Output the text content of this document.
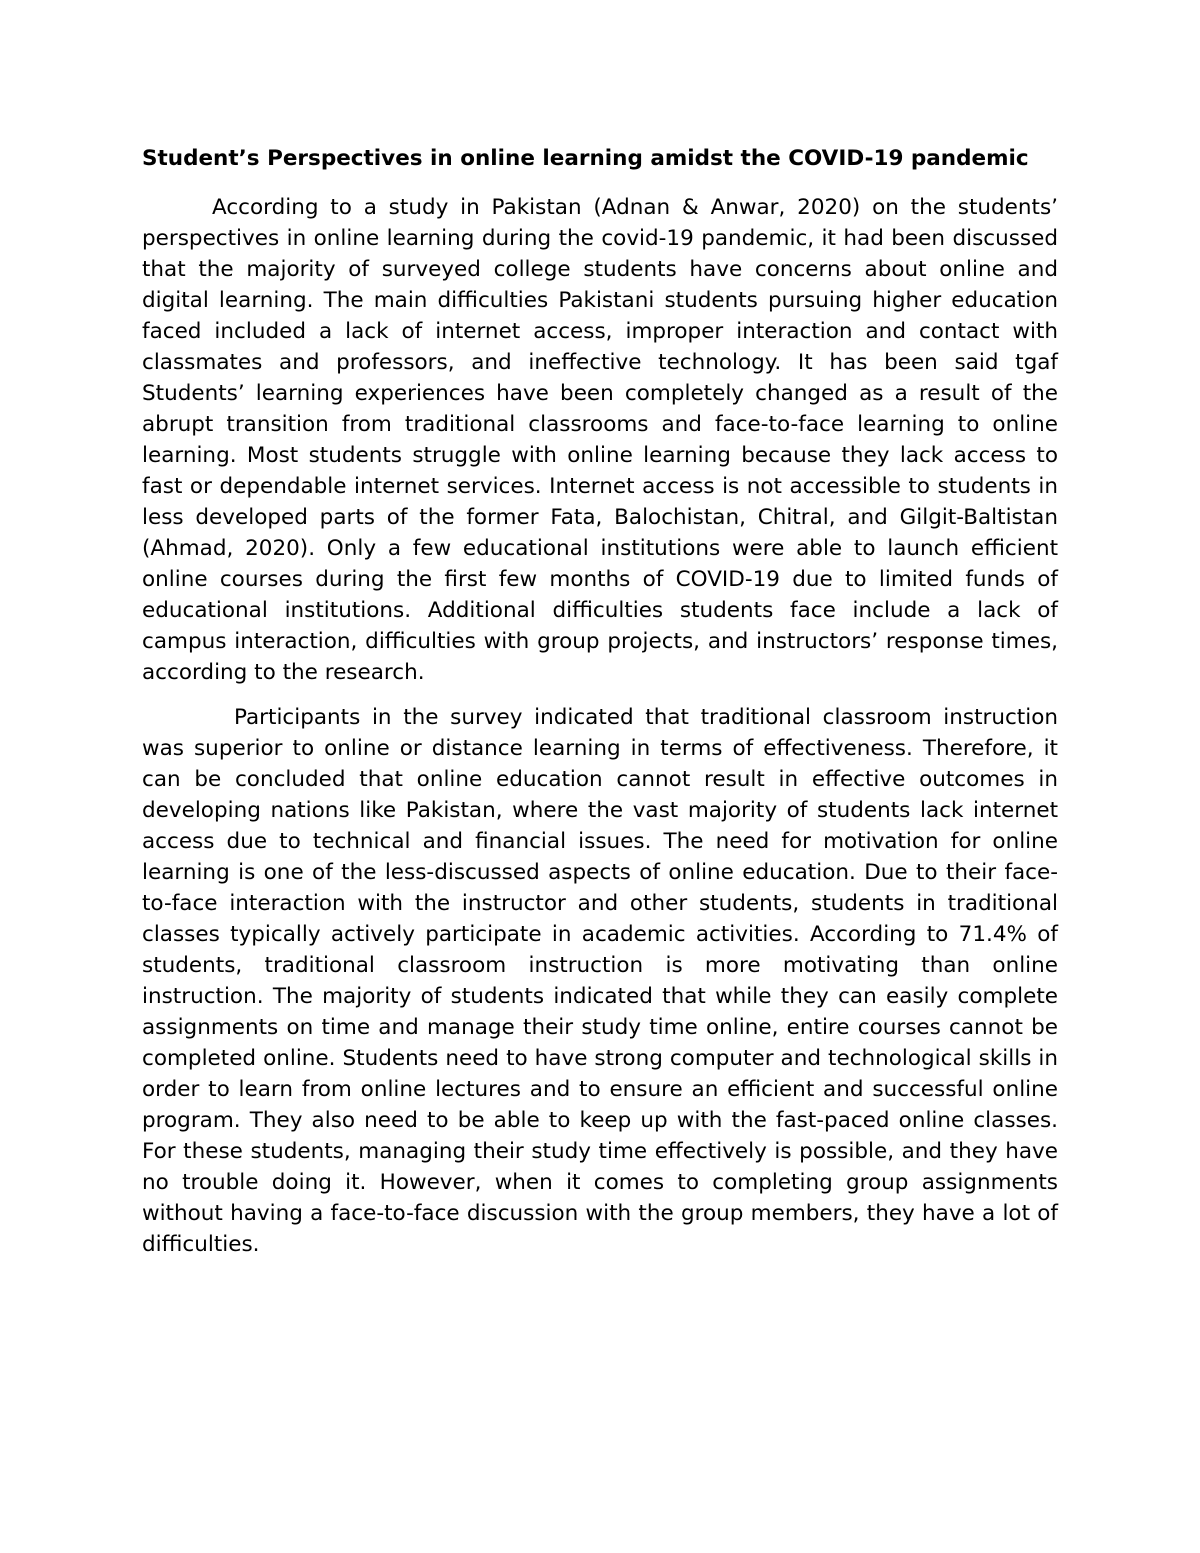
Student’s Perspectives in online learning amidst the COVID-19 pandemic

According to a study in Pakistan (Adnan & Anwar, 2020) on the students’ perspectives in online learning during the covid-19 pandemic, it had been discussed that the majority of surveyed college students have concerns about online and digital learning. The main difficulties Pakistani students pursuing higher education faced included a lack of internet access, improper interaction and contact with classmates and professors, and ineffective technology. It has been said tgaf Students’ learning experiences have been completely changed as a result of the abrupt transition from traditional classrooms and face-to-face learning to online learning. Most students struggle with online learning because they lack access to fast or dependable internet services. Internet access is not accessible to students in less developed parts of the former Fata, Balochistan, Chitral, and Gilgit-Baltistan (Ahmad, 2020). Only a few educational institutions were able to launch efficient online courses during the first few months of COVID-19 due to limited funds of educational institutions. Additional difficulties students face include a lack of campus interaction, difficulties with group projects, and instructors’ response times, according to the research.

Participants in the survey indicated that traditional classroom instruction was superior to online or distance learning in terms of effectiveness. Therefore, it can be concluded that online education cannot result in effective outcomes in developing nations like Pakistan, where the vast majority of students lack internet access due to technical and financial issues. The need for motivation for online learning is one of the less-discussed aspects of online education. Due to their face-to-face interaction with the instructor and other students, students in traditional classes typically actively participate in academic activities. According to 71.4% of students, traditional classroom instruction is more motivating than online instruction. The majority of students indicated that while they can easily complete assignments on time and manage their study time online, entire courses cannot be completed online. Students need to have strong computer and technological skills in order to learn from online lectures and to ensure an efficient and successful online program. They also need to be able to keep up with the fast-paced online classes. For these students, managing their study time effectively is possible, and they have no trouble doing it. However, when it comes to completing group assignments without having a face-to-face discussion with the group members, they have a lot of difficulties.
